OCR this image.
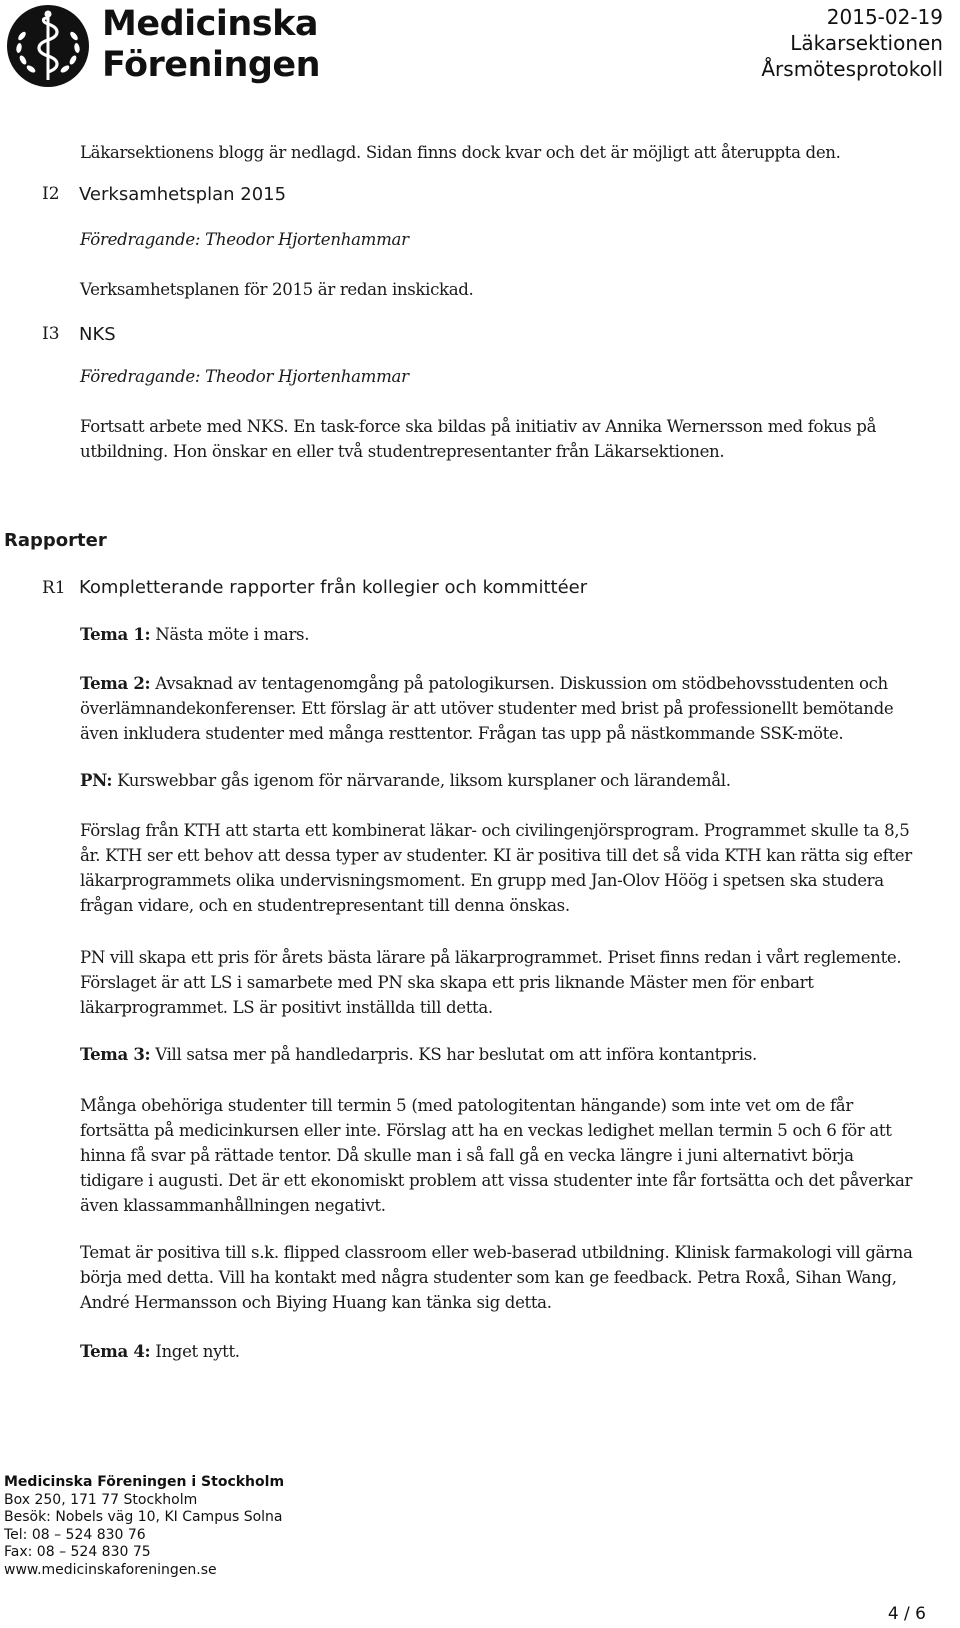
Medicinska
Föreningen
2015-02-19
Läkarsektionen
Årsmötesprotokoll
Läkarsektionens blogg är nedlagd. Sidan finns dock kvar och det är möjligt att återuppta den.
I2 Verksamhetsplan 2015
Föredragande: Theodor Hjortenhammar
Verksamhetsplanen för 2015 är redan inskickad.
I3 NKS
Föredragande: Theodor Hjortenhammar
Fortsatt arbete med NKS. En task-force ska bildas på initiativ av Annika Wernersson med fokus på utbildning. Hon önskar en eller två studentrepresentanter från Läkarsektionen.
Rapporter
R1 Kompletterande rapporter från kollegier och kommittéer
Tema 1: Nästa möte i mars.
Tema 2: Avsaknad av tentagenomgång på patologikursen. Diskussion om stödbehovsstudenten och överlämnandekonferenser. Ett förslag är att utöver studenter med brist på professionellt bemötande även inkludera studenter med många resttentor. Frågan tas upp på nästkommande SSK-möte.
PN: Kurswebbar gås igenom för närvarande, liksom kursplaner och lärandemål.
Förslag från KTH att starta ett kombinerat läkar- och civilingenjörsprogram. Programmet skulle ta 8,5 år. KTH ser ett behov att dessa typer av studenter. KI är positiva till det så vida KTH kan rätta sig efter läkarprogrammets olika undervisningsmoment. En grupp med Jan-Olov Höög i spetsen ska studera frågan vidare, och en studentrepresentant till denna önskas.
PN vill skapa ett pris för årets bästa lärare på läkarprogrammet. Priset finns redan i vårt reglemente. Förslaget är att LS i samarbete med PN ska skapa ett pris liknande Mäster men för enbart läkarprogrammet. LS är positivt inställda till detta.
Tema 3: Vill satsa mer på handledarpris. KS har beslutat om att införa kontantpris.
Många obehöriga studenter till termin 5 (med patologitentan hängande) som inte vet om de får fortsätta på medicinkursen eller inte. Förslag att ha en veckas ledighet mellan termin 5 och 6 för att hinna få svar på rättade tentor. Då skulle man i så fall gå en vecka längre i juni alternativt börja tidigare i augusti. Det är ett ekonomiskt problem att vissa studenter inte får fortsätta och det påverkar även klassammanhållningen negativt.
Temat är positiva till s.k. flipped classroom eller web-baserad utbildning. Klinisk farmakologi vill gärna börja med detta. Vill ha kontakt med några studenter som kan ge feedback. Petra Roxå, Sihan Wang, André Hermansson och Biying Huang kan tänka sig detta.
Tema 4: Inget nytt.
Medicinska Föreningen i Stockholm
Box 250, 171 77 Stockholm
Besök: Nobels väg 10, KI Campus Solna
Tel: 08 – 524 830 76
Fax: 08 – 524 830 75
www.medicinskaforeningen.se
4 / 6
